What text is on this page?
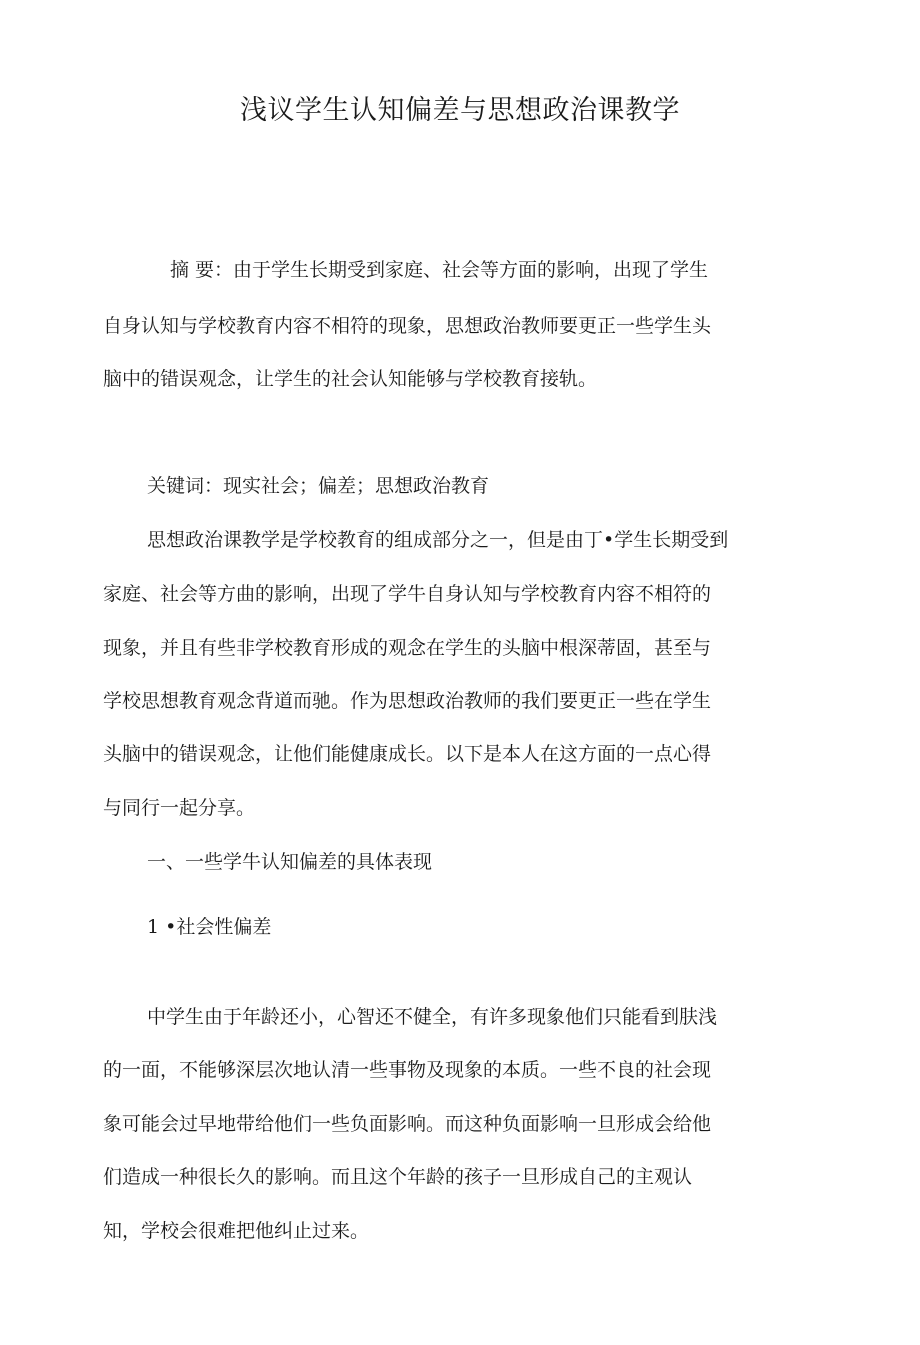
浅议学生认知偏差与思想政治课教学

摘 要：由于学生长期受到家庭、社会等方面的影响，出现了学生

自身认知与学校教育内容不相符的现象，思想政治教师要更正一些学生头

脑中的错误观念，让学生的社会认知能够与学校教育接轨。

关键词：现实社会；偏差；思想政治教育

思想政治课教学是学校教育的组成部分之一，但是由丁•学生长期受到

家庭、社会等方曲的影响，出现了学牛自身认知与学校教育内容不相符的

现象，并且有些非学校教育形成的观念在学生的头脑中根深蒂固，甚至与

学校思想教育观念背道而驰。作为思想政治教师的我们要更正一些在学生

头脑中的错误观念，让他们能健康成长。以下是本人在这方面的一点心得

与同行一起分享。

一、一些学牛认知偏差的具体表现

1 •社会性偏差

中学生由于年龄还小，心智还不健全，有许多现象他们只能看到肤浅

的一面，不能够深层次地认清一些事物及现象的本质。一些不良的社会现

象可能会过早地带给他们一些负面影响。而这种负面影响一旦形成会给他

们造成一种很长久的影响。而且这个年龄的孩子一旦形成自己的主观认

知，学校会很难把他纠止过来。
